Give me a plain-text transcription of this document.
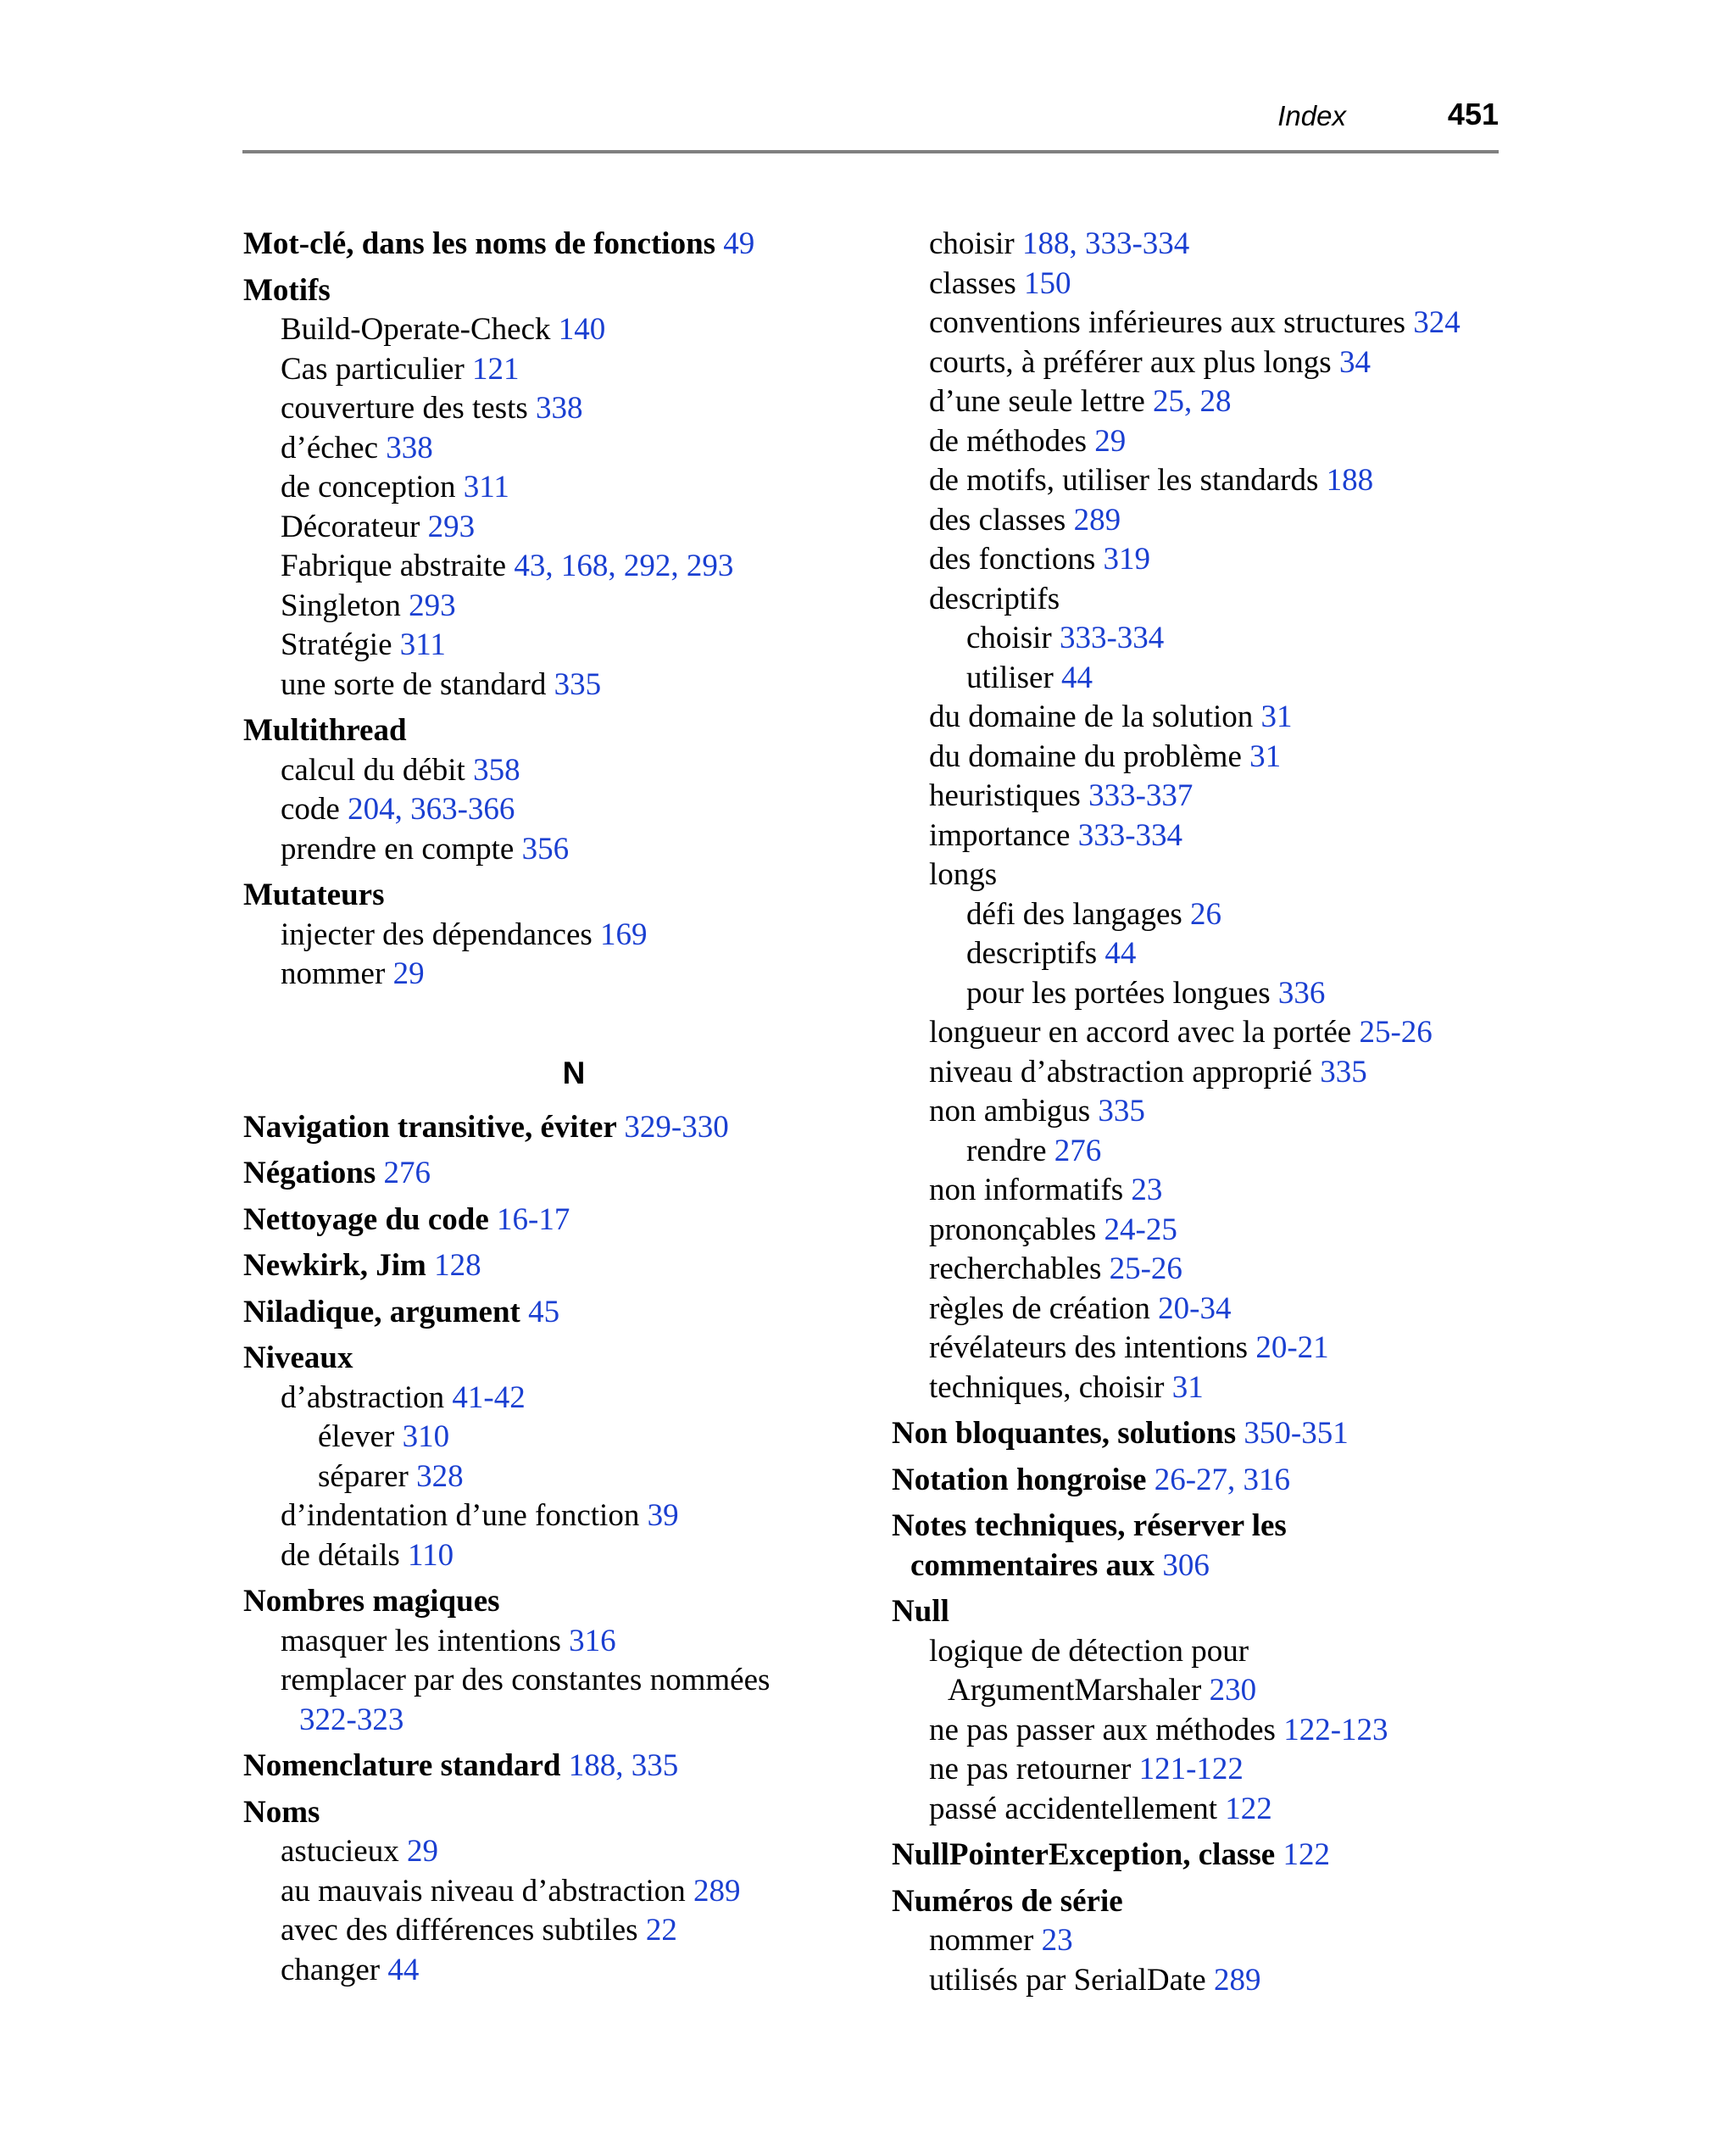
Index	451
Mot-clé, dans les noms de fonctions 49
Motifs
Build-Operate-Check 140
Cas particulier 121
couverture des tests 338
d’échec 338
de conception 311
Décorateur 293
Fabrique abstraite 43, 168, 292, 293
Singleton 293
Stratégie 311
une sorte de standard 335
Multithread
calcul du débit 358
code 204, 363-366
prendre en compte 356
Mutateurs
injecter des dépendances 169
nommer 29
N
Navigation transitive, éviter 329-330
Négations 276
Nettoyage du code 16-17
Newkirk, Jim 128
Niladique, argument 45
Niveaux
d’abstraction 41-42
élever 310
séparer 328
d’indentation d’une fonction 39
de détails 110
Nombres magiques
masquer les intentions 316
remplacer par des constantes nommées
322-323
Nomenclature standard 188, 335
Noms
astucieux 29
au mauvais niveau d’abstraction 289
avec des différences subtiles 22
changer 44
choisir 188, 333-334
classes 150
conventions inférieures aux structures 324
courts, à préférer aux plus longs 34
d’une seule lettre 25, 28
de méthodes 29
de motifs, utiliser les standards 188
des classes 289
des fonctions 319
descriptifs
choisir 333-334
utiliser 44
du domaine de la solution 31
du domaine du problème 31
heuristiques 333-337
importance 333-334
longs
défi des langages 26
descriptifs 44
pour les portées longues 336
longueur en accord avec la portée 25-26
niveau d’abstraction approprié 335
non ambigus 335
rendre 276
non informatifs 23
prononçables 24-25
recherchables 25-26
règles de création 20-34
révélateurs des intentions 20-21
techniques, choisir 31
Non bloquantes, solutions 350-351
Notation hongroise 26-27, 316
Notes techniques, réserver les
commentaires aux 306
Null
logique de détection pour
ArgumentMarshaler 230
ne pas passer aux méthodes 122-123
ne pas retourner 121-122
passé accidentellement 122
NullPointerException, classe 122
Numéros de série
nommer 23
utilisés par SerialDate 289
